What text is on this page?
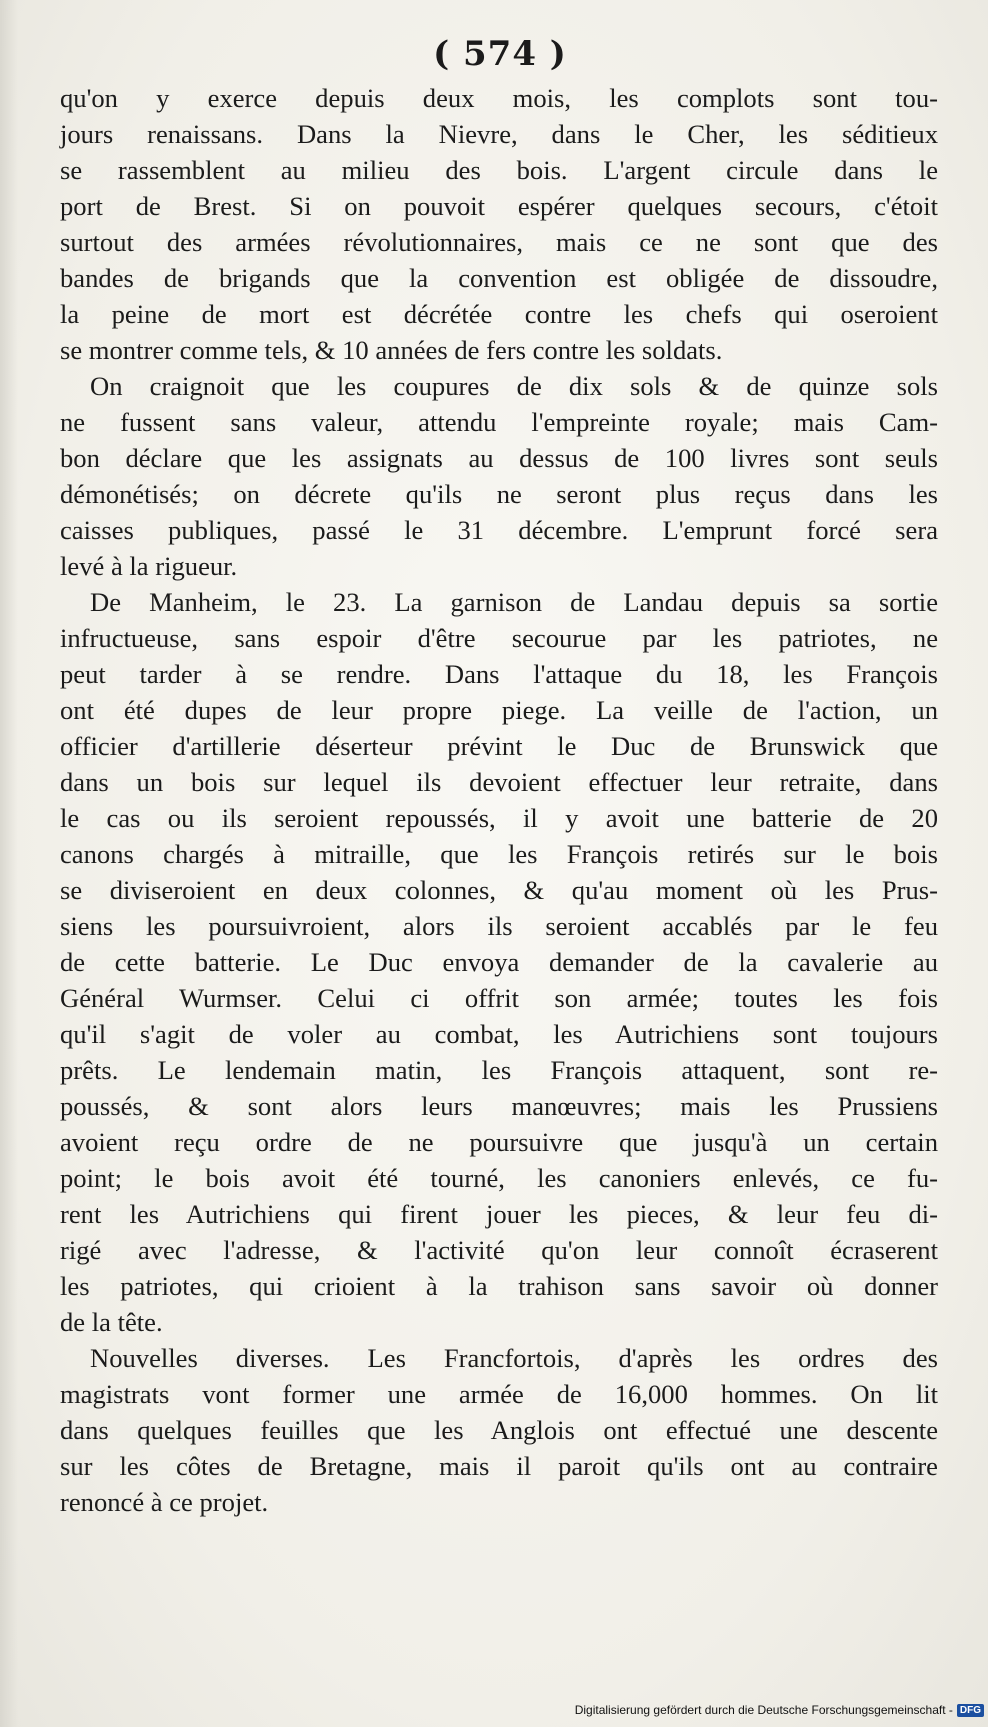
( 574 )
qu'on y exerce depuis deux mois, les complots sont tou-
jours renaissans. Dans la Nievre, dans le Cher, les séditieux
se rassemblent au milieu des bois. L'argent circule dans le
port de Brest. Si on pouvoit espérer quelques secours, c'étoit
surtout des armées révolutionnaires, mais ce ne sont que des
bandes de brigands que la convention est obligée de dissoudre,
la peine de mort est décrétée contre les chefs qui oseroient
se montrer comme tels, & 10 années de fers contre les soldats.
On craignoit que les coupures de dix sols & de quinze sols
ne fussent sans valeur, attendu l'empreinte royale; mais Cam-
bon déclare que les assignats au dessus de 100 livres sont seuls
démonétisés; on décrete qu'ils ne seront plus reçus dans les
caisses publiques, passé le 31 décembre. L'emprunt forcé sera
levé à la rigueur.
De Manheim, le 23. La garnison de Landau depuis sa sortie
infructueuse, sans espoir d'être secourue par les patriotes, ne
peut tarder à se rendre. Dans l'attaque du 18, les François
ont été dupes de leur propre piege. La veille de l'action, un
officier d'artillerie déserteur prévint le Duc de Brunswick que
dans un bois sur lequel ils devoient effectuer leur retraite, dans
le cas ou ils seroient repoussés, il y avoit une batterie de 20
canons chargés à mitraille, que les François retirés sur le bois
se diviseroient en deux colonnes, & qu'au moment où les Prus-
siens les poursuivroient, alors ils seroient accablés par le feu
de cette batterie. Le Duc envoya demander de la cavalerie au
Général Wurmser. Celui ci offrit son armée; toutes les fois
qu'il s'agit de voler au combat, les Autrichiens sont toujours
prêts. Le lendemain matin, les François attaquent, sont re-
poussés, & sont alors leurs manœuvres; mais les Prussiens
avoient reçu ordre de ne poursuivre que jusqu'à un certain
point; le bois avoit été tourné, les canoniers enlevés, ce fu-
rent les Autrichiens qui firent jouer les pieces, & leur feu di-
rigé avec l'adresse, & l'activité qu'on leur connoît écraserent
les patriotes, qui crioient à la trahison sans savoir où donner
de la tête.
Nouvelles diverses. Les Francfortois, d'après les ordres des
magistrats vont former une armée de 16,000 hommes. On lit
dans quelques feuilles que les Anglois ont effectué une descente
sur les côtes de Bretagne, mais il paroit qu'ils ont au contraire
renoncé à ce projet.
Digitalisierung gefördert durch die Deutsche Forschungsgemeinschaft - DFG
